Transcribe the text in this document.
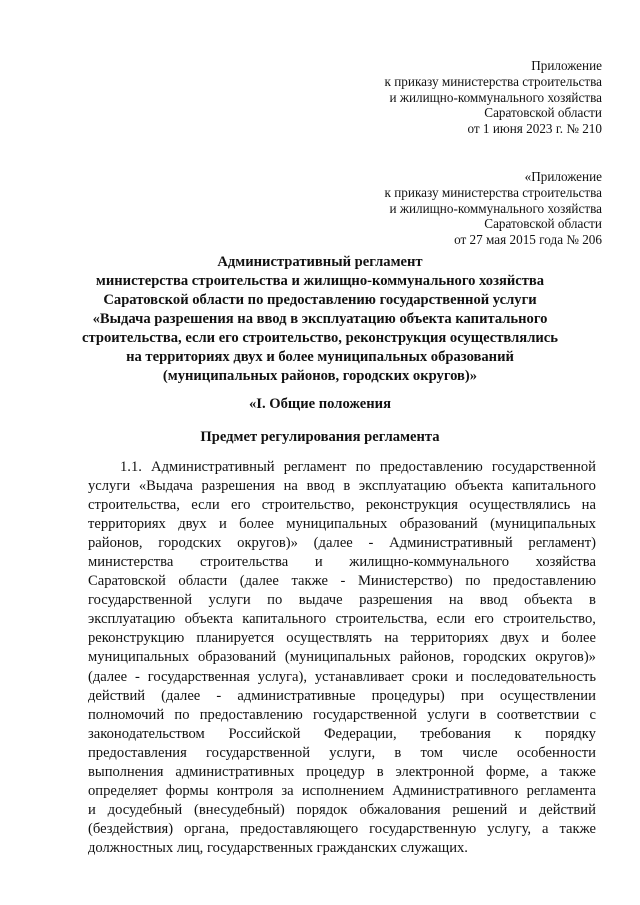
Приложение
к приказу министерства строительства
и жилищно-коммунального хозяйства
Саратовской области
от 1 июня 2023 г. № 210
«Приложение
к приказу министерства строительства
и жилищно-коммунального хозяйства
Саратовской области
от 27 мая 2015 года № 206
Административный регламент
министерства строительства и жилищно-коммунального хозяйства
Саратовской области по предоставлению государственной услуги
«Выдача разрешения на ввод в эксплуатацию объекта капитального
строительства, если его строительство, реконструкция осуществлялись
на территориях двух и более муниципальных образований
(муниципальных районов, городских округов)»
«I. Общие положения
Предмет регулирования регламента
1.1. Административный регламент по предоставлению государственной
услуги «Выдача разрешения на ввод в эксплуатацию объекта капитального
строительства, если его строительство, реконструкция осуществлялись на
территориях двух и более муниципальных образований (муниципальных
районов, городских округов)» (далее - Административный регламент)
министерства строительства и жилищно-коммунального хозяйства
Саратовской области (далее также - Министерство) по предоставлению
государственной услуги по выдаче разрешения на ввод объекта в
эксплуатацию объекта капитального строительства, если его строительство,
реконструкцию планируется осуществлять на территориях двух и более
муниципальных образований (муниципальных районов, городских округов)»
(далее - государственная услуга), устанавливает сроки и последовательность
действий (далее - административные процедуры) при осуществлении
полномочий по предоставлению государственной услуги в соответствии с
законодательством Российской Федерации, требования к порядку
предоставления государственной услуги, в том числе особенности
выполнения административных процедур в электронной форме, а также
определяет формы контроля за исполнением Административного регламента
и досудебный (внесудебный) порядок обжалования решений и действий
(бездействия) органа, предоставляющего государственную услугу, а также
должностных лиц, государственных гражданских служащих.
